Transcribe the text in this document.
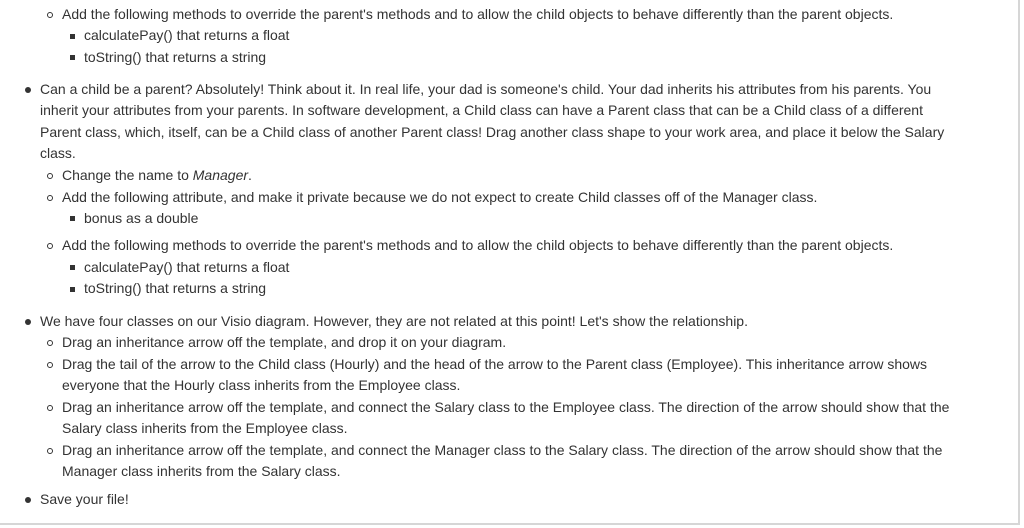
Add the following methods to override the parent's methods and to allow the child objects to behave differently than the parent objects.
calculatePay() that returns a float
toString() that returns a string
Can a child be a parent? Absolutely! Think about it. In real life, your dad is someone's child. Your dad inherits his attributes from his parents. You
inherit your attributes from your parents. In software development, a Child class can have a Parent class that can be a Child class of a different
Parent class, which, itself, can be a Child class of another Parent class! Drag another class shape to your work area, and place it below the Salary
class.
Change the name to Manager.
Add the following attribute, and make it private because we do not expect to create Child classes off of the Manager class.
bonus as a double
Add the following methods to override the parent's methods and to allow the child objects to behave differently than the parent objects.
calculatePay() that returns a float
toString() that returns a string
We have four classes on our Visio diagram. However, they are not related at this point! Let's show the relationship.
Drag an inheritance arrow off the template, and drop it on your diagram.
Drag the tail of the arrow to the Child class (Hourly) and the head of the arrow to the Parent class (Employee). This inheritance arrow shows
everyone that the Hourly class inherits from the Employee class.
Drag an inheritance arrow off the template, and connect the Salary class to the Employee class. The direction of the arrow should show that the
Salary class inherits from the Employee class.
Drag an inheritance arrow off the template, and connect the Manager class to the Salary class. The direction of the arrow should show that the
Manager class inherits from the Salary class.
Save your file!
